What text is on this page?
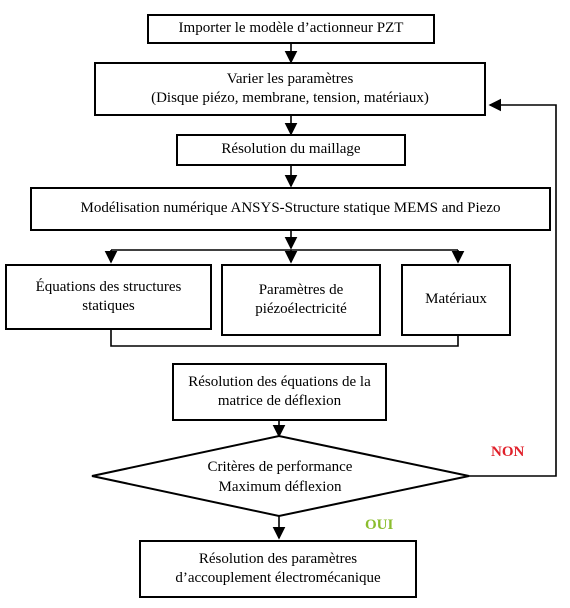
Importer le modèle d’actionneur PZT
Varier les paramètres
(Disque piézo, membrane, tension, matériaux)
Résolution du maillage
Modélisation numérique ANSYS-Structure statique MEMS and Piezo
Équations des structures
statiques
Paramètres de
piézoélectricité
Matériaux
Résolution des équations de la
matrice de déflexion
Critères de performance
Maximum déflexion
NON
OUI
Résolution des paramètres
d’accouplement électromécanique
